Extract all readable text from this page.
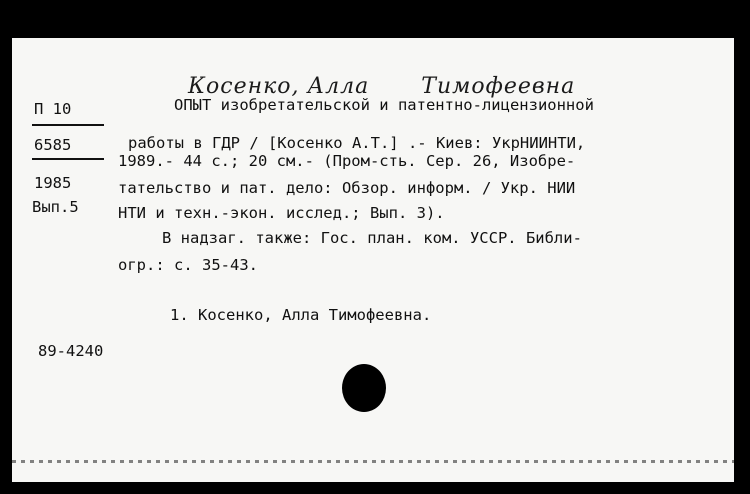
Косенко, Алла Тимофеевна
П 10
6585
1985
Вып.5
ОПЫТ изобретательской и патентно-лицензионной
работы в ГДР / [Косенко А.Т.] .- Киев: УкрНИИНТИ,
1989.- 44 с.; 20 см.- (Пром-сть. Сер. 26, Изобре-
тательство и пат. дело: Обзор. информ. / Укр. НИИ
НТИ и техн.-экон. исслед.; Вып. 3).
В надзаг. также: Гос. план. ком. УССР. Библи-
огр.: с. 35-43.
1. Косенко, Алла Тимофеевна.
89-4240
